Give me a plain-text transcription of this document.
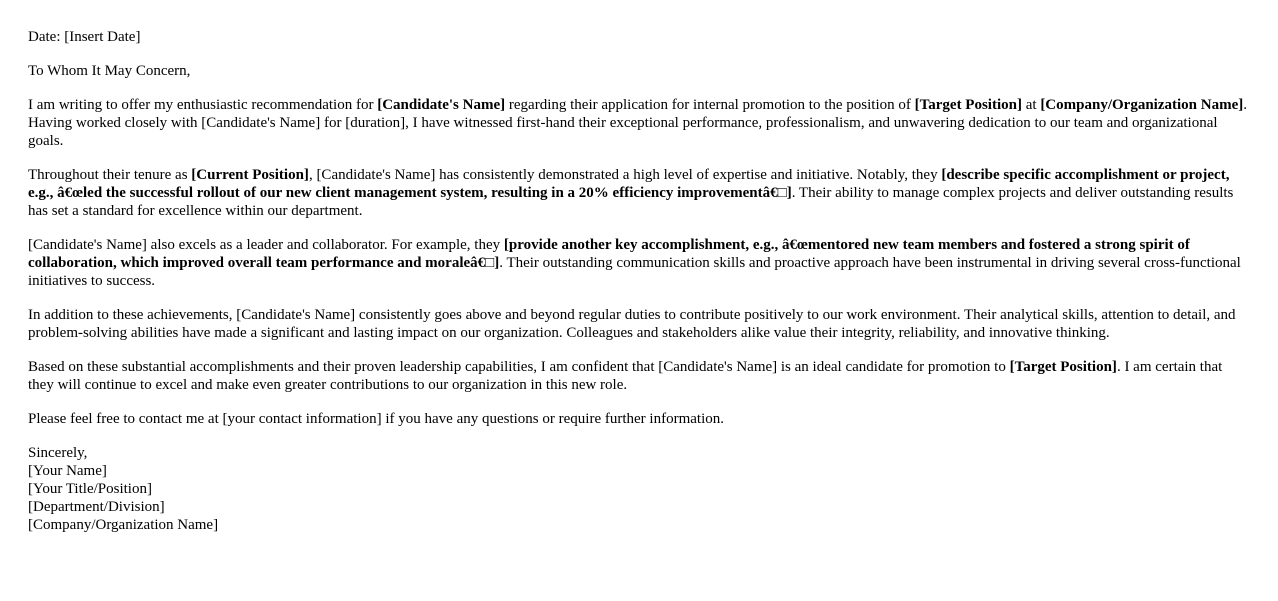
Date: [Insert Date]

To Whom It May Concern,

I am writing to offer my enthusiastic recommendation for [Candidate's Name] regarding their application for internal promotion to the position of [Target Position] at [Company/Organization Name]. Having worked closely with [Candidate's Name] for [duration], I have witnessed first-hand their exceptional performance, professionalism, and unwavering dedication to our team and organizational goals.

Throughout their tenure as [Current Position], [Candidate's Name] has consistently demonstrated a high level of expertise and initiative. Notably, they [describe specific accomplishment or project, e.g., â€œled the successful rollout of our new client management system, resulting in a 20% efficiency improvementâ€□]. Their ability to manage complex projects and deliver outstanding results has set a standard for excellence within our department.

[Candidate's Name] also excels as a leader and collaborator. For example, they [provide another key accomplishment, e.g., â€œmentored new team members and fostered a strong spirit of collaboration, which improved overall team performance and moraleâ€□]. Their outstanding communication skills and proactive approach have been instrumental in driving several cross-functional initiatives to success.

In addition to these achievements, [Candidate's Name] consistently goes above and beyond regular duties to contribute positively to our work environment. Their analytical skills, attention to detail, and problem-solving abilities have made a significant and lasting impact on our organization. Colleagues and stakeholders alike value their integrity, reliability, and innovative thinking.

Based on these substantial accomplishments and their proven leadership capabilities, I am confident that [Candidate's Name] is an ideal candidate for promotion to [Target Position]. I am certain that they will continue to excel and make even greater contributions to our organization in this new role.

Please feel free to contact me at [your contact information] if you have any questions or require further information.

Sincerely,
[Your Name]
[Your Title/Position]
[Department/Division]
[Company/Organization Name]
